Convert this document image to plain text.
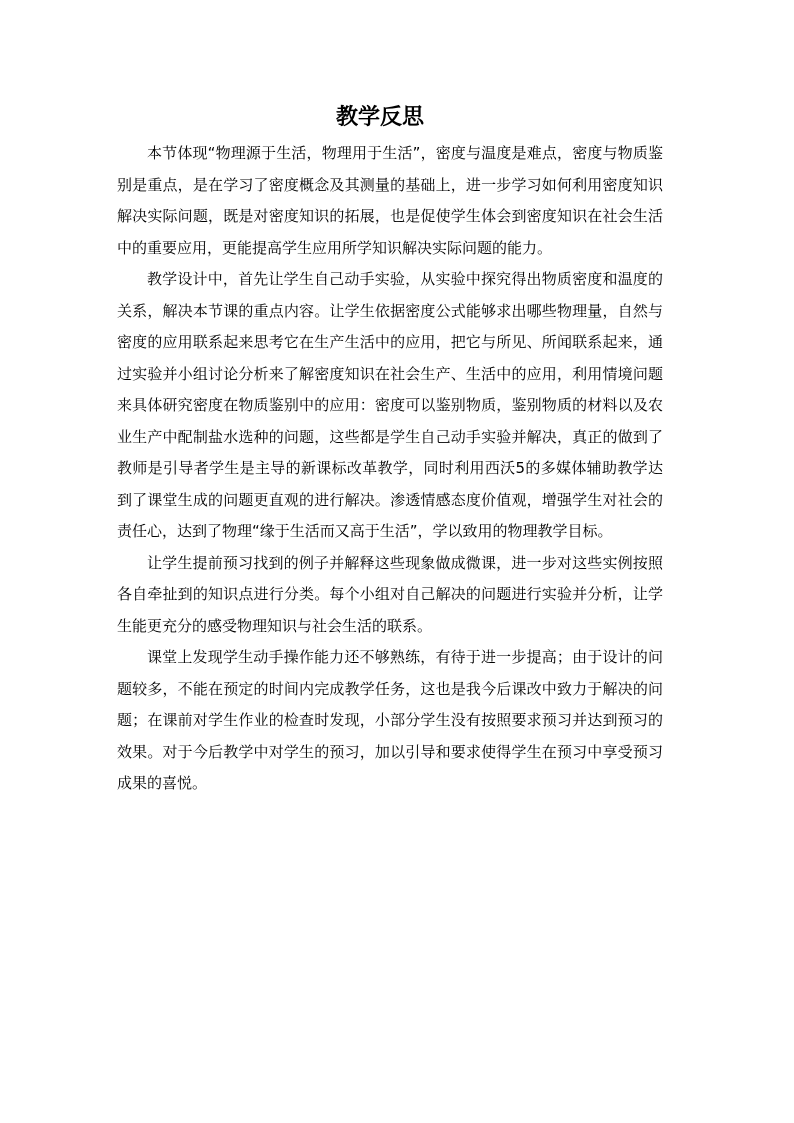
教学反思

本节体现“物理源于生活，物理用于生活”，密度与温度是难点，密度与物质鉴别是重点，是在学习了密度概念及其测量的基础上，进一步学习如何利用密度知识解决实际问题，既是对密度知识的拓展，也是促使学生体会到密度知识在社会生活中的重要应用，更能提高学生应用所学知识解决实际问题的能力。

教学设计中，首先让学生自己动手实验，从实验中探究得出物质密度和温度的关系，解决本节课的重点内容。让学生依据密度公式能够求出哪些物理量，自然与密度的应用联系起来思考它在生产生活中的应用，把它与所见、所闻联系起来，通过实验并小组讨论分析来了解密度知识在社会生产、生活中的应用，利用情境问题来具体研究密度在物质鉴别中的应用：密度可以鉴别物质，鉴别物质的材料以及农业生产中配制盐水选种的问题，这些都是学生自己动手实验并解决，真正的做到了教师是引导者学生是主导的新课标改革教学，同时利用西沃5的多媒体辅助教学达到了课堂生成的问题更直观的进行解决。渗透情感态度价值观，增强学生对社会的责任心，达到了物理“缘于生活而又高于生活”，学以致用的物理教学目标。

让学生提前预习找到的例子并解释这些现象做成微课，进一步对这些实例按照各自牵扯到的知识点进行分类。每个小组对自己解决的问题进行实验并分析，让学生能更充分的感受物理知识与社会生活的联系。

课堂上发现学生动手操作能力还不够熟练，有待于进一步提高；由于设计的问题较多，不能在预定的时间内完成教学任务，这也是我今后课改中致力于解决的问题；在课前对学生作业的检查时发现，小部分学生没有按照要求预习并达到预习的效果。对于今后教学中对学生的预习，加以引导和要求使得学生在预习中享受预习成果的喜悦。
